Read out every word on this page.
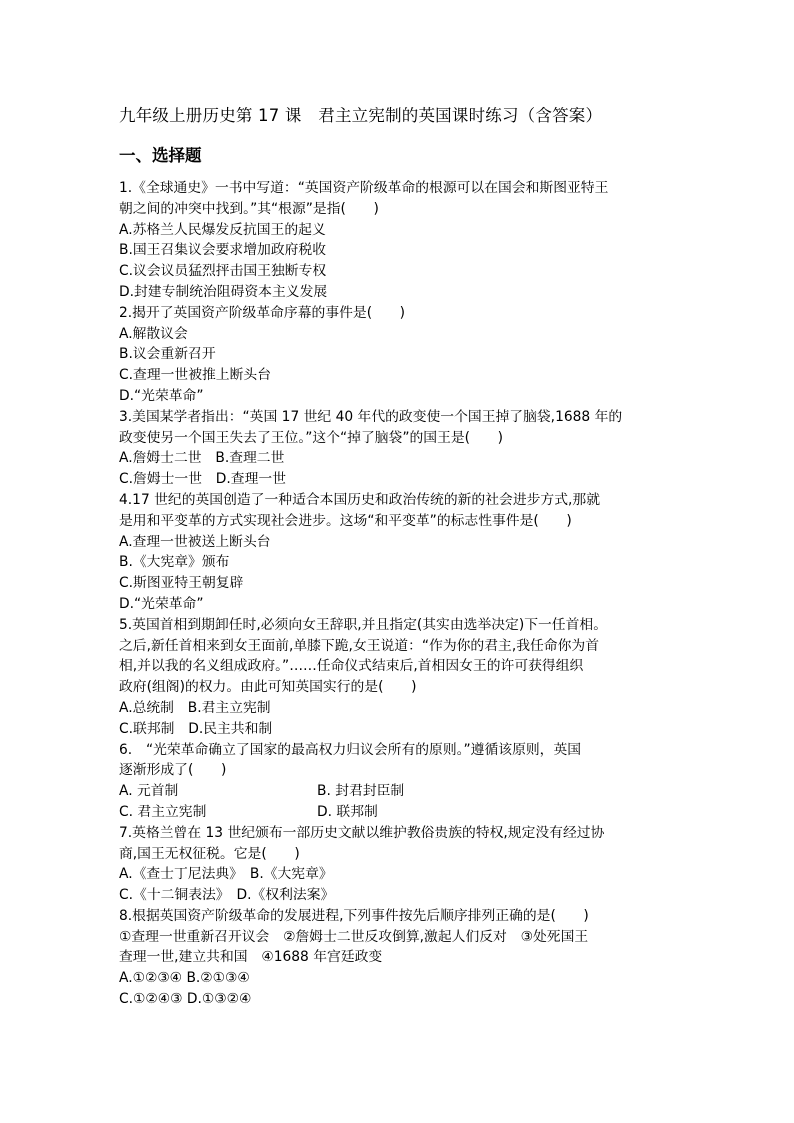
九年级上册历史第 17 课　君主立宪制的英国课时练习（含答案）
一、选择题
1.《全球通史》一书中写道：“英国资产阶级革命的根源可以在国会和斯图亚特王
朝之间的冲突中找到。”其“根源”是指(　　)
A.苏格兰人民爆发反抗国王的起义
B.国王召集议会要求增加政府税收
C.议会议员猛烈抨击国王独断专权
D.封建专制统治阻碍资本主义发展
2.揭开了英国资产阶级革命序幕的事件是(　　)
A.解散议会
B.议会重新召开
C.查理一世被推上断头台
D.“光荣革命”
3.美国某学者指出：“英国 17 世纪 40 年代的政变使一个国王掉了脑袋,1688 年的
政变使另一个国王失去了王位。”这个“掉了脑袋”的国王是(　　)
A.詹姆士二世　B.查理二世
C.詹姆士一世　D.查理一世
4.17 世纪的英国创造了一种适合本国历史和政治传统的新的社会进步方式,那就
是用和平变革的方式实现社会进步。这场“和平变革”的标志性事件是(　　)
A.查理一世被送上断头台
B.《大宪章》颁布
C.斯图亚特王朝复辟
D.“光荣革命”
5.英国首相到期卸任时,必须向女王辞职,并且指定(其实由选举决定)下一任首相。
之后,新任首相来到女王面前,单膝下跪,女王说道：“作为你的君主,我任命你为首
相,并以我的名义组成政府。”……任命仪式结束后,首相因女王的许可获得组织
政府(组阁)的权力。由此可知英国实行的是(　　)
A.总统制　B.君主立宪制
C.联邦制　D.民主共和制
6.　“光荣革命确立了国家的最高权力归议会所有的原则。”遵循该原则，英国
逐渐形成了(　　)
A. 元首制	B. 封君封臣制
C. 君主立宪制	D. 联邦制
7.英格兰曾在 13 世纪颁布一部历史文献以维护教俗贵族的特权,规定没有经过协
商,国王无权征税。它是(　　)
A.《查士丁尼法典》　B.《大宪章》
C.《十二铜表法》　D.《权利法案》
8.根据英国资产阶级革命的发展进程,下列事件按先后顺序排列正确的是(　　)
①查理一世重新召开议会　②詹姆士二世反攻倒算,激起人们反对　③处死国王
查理一世,建立共和国　④1688 年宫廷政变
A.①②③④ B.②①③④
C.①②④③ D.①③②④
